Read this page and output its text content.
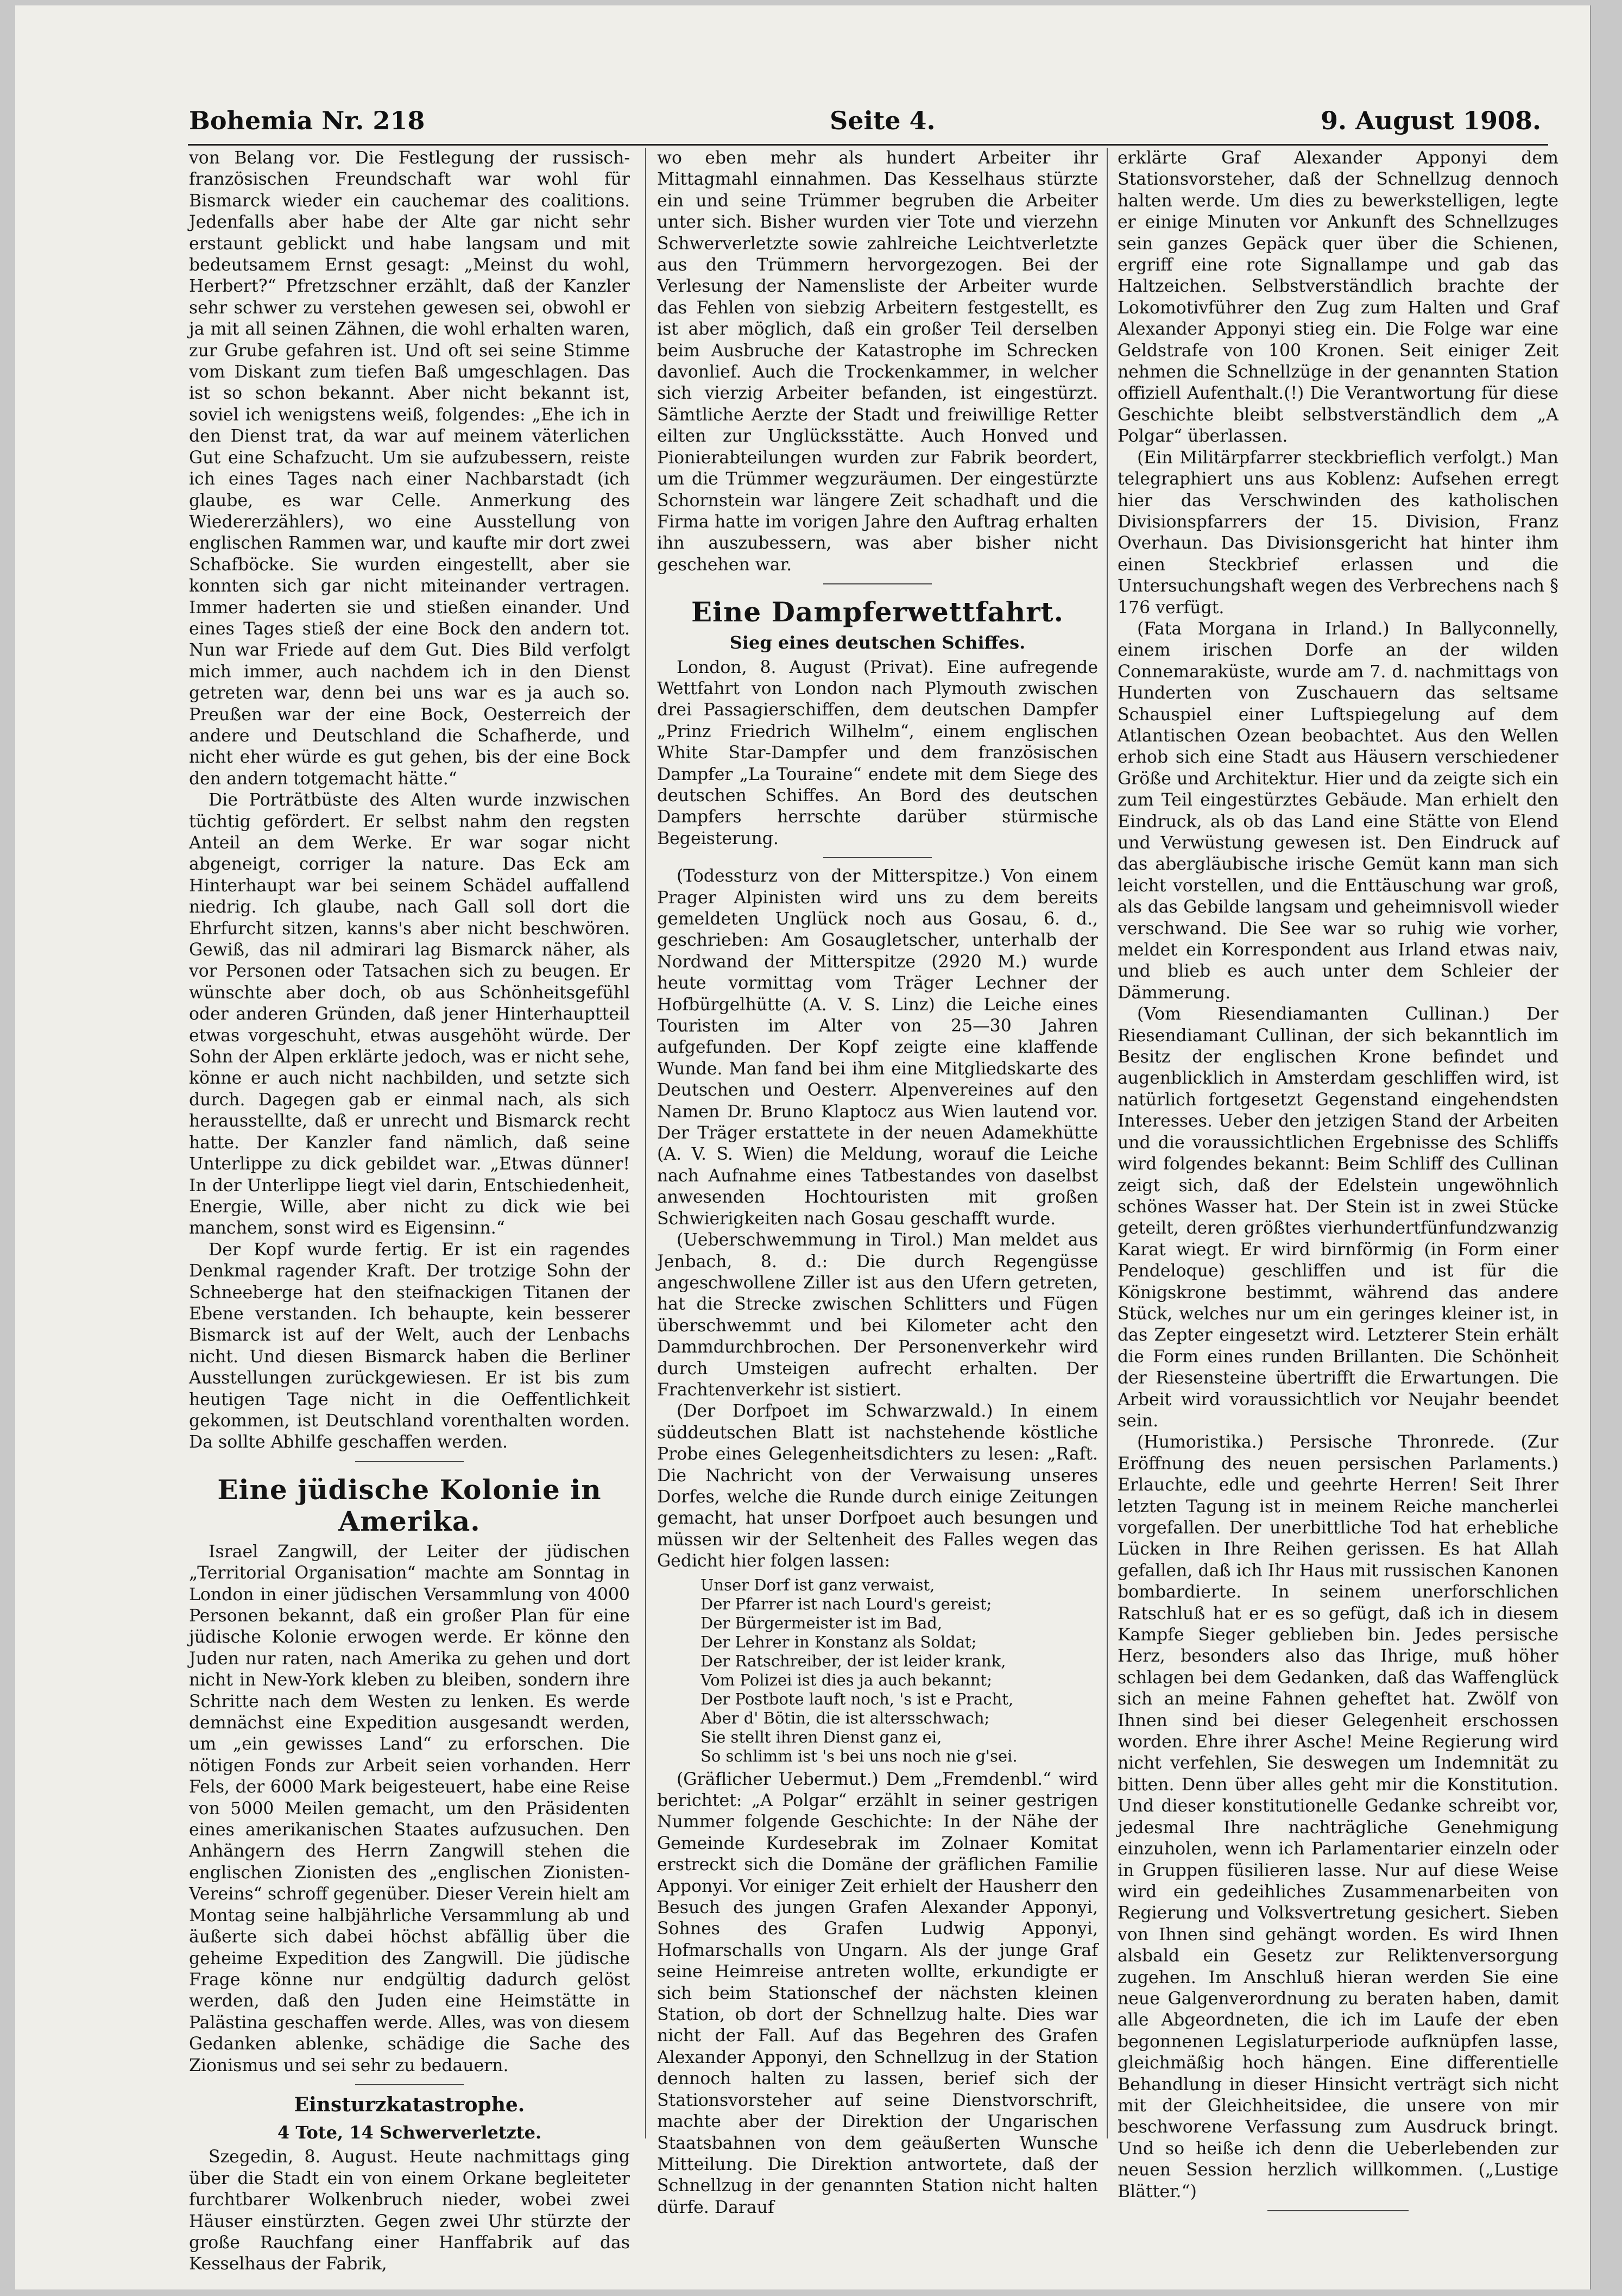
Bohemia Nr. 218	Seite 4.	9. August 1908.

von Belang vor. Die Festlegung der russisch-französischen Freundschaft war wohl für Bismarck wieder ein cauchemar des coalitions. Jedenfalls aber habe der Alte gar nicht sehr erstaunt geblickt und habe langsam und mit bedeutsamem Ernst gesagt: „Meinst du wohl, Herbert?“ Pfretzschner erzählt, daß der Kanzler sehr schwer zu verstehen gewesen sei, obwohl er ja mit all seinen Zähnen, die wohl erhalten waren, zur Grube gefahren ist. Und oft sei seine Stimme vom Diskant zum tiefen Baß umgeschlagen. Das ist so schon bekannt. Aber nicht bekannt ist, soviel ich wenigstens weiß, folgendes: „Ehe ich in den Dienst trat, da war auf meinem väterlichen Gut eine Schafzucht. Um sie aufzubessern, reiste ich eines Tages nach einer Nachbarstadt (ich glaube, es war Celle. Anmerkung des Wiedererzählers), wo eine Ausstellung von englischen Rammen war, und kaufte mir dort zwei Schafböcke. Sie wurden eingestellt, aber sie konnten sich gar nicht miteinander vertragen. Immer haderten sie und stießen einander. Und eines Tages stieß der eine Bock den andern tot. Nun war Friede auf dem Gut. Dies Bild verfolgt mich immer, auch nachdem ich in den Dienst getreten war, denn bei uns war es ja auch so. Preußen war der eine Bock, Oesterreich der andere und Deutschland die Schafherde, und nicht eher würde es gut gehen, bis der eine Bock den andern totgemacht hätte.“

Die Porträtbüste des Alten wurde inzwischen tüchtig gefördert. Er selbst nahm den regsten Anteil an dem Werke. Er war sogar nicht abgeneigt, corriger la nature. Das Eck am Hinterhaupt war bei seinem Schädel auffallend niedrig. Ich glaube, nach Gall soll dort die Ehrfurcht sitzen, kanns's aber nicht beschwören. Gewiß, das nil admirari lag Bismarck näher, als vor Personen oder Tatsachen sich zu beugen. Er wünschte aber doch, ob aus Schönheitsgefühl oder anderen Gründen, daß jener Hinterhauptteil etwas vorgeschuht, etwas ausgehöht würde. Der Sohn der Alpen erklärte jedoch, was er nicht sehe, könne er auch nicht nachbilden, und setzte sich durch. Dagegen gab er einmal nach, als sich herausstellte, daß er unrecht und Bismarck recht hatte. Der Kanzler fand nämlich, daß seine Unterlippe zu dick gebildet war. „Etwas dünner! In der Unterlippe liegt viel darin, Entschiedenheit, Energie, Wille, aber nicht zu dick wie bei manchem, sonst wird es Eigensinn.“

Der Kopf wurde fertig. Er ist ein ragendes Denkmal ragender Kraft. Der trotzige Sohn der Schneeberge hat den steifnackigen Titanen der Ebene verstanden. Ich behaupte, kein besserer Bismarck ist auf der Welt, auch der Lenbachs nicht. Und diesen Bismarck haben die Berliner Ausstellungen zurückgewiesen. Er ist bis zum heutigen Tage nicht in die Oeffentlichkeit gekommen, ist Deutschland vorenthalten worden. Da sollte Abhilfe geschaffen werden.

Eine jüdische Kolonie in Amerika.

Israel Zangwill, der Leiter der jüdischen „Territorial Organisation“ machte am Sonntag in London in einer jüdischen Versammlung von 4000 Personen bekannt, daß ein großer Plan für eine jüdische Kolonie erwogen werde. Er könne den Juden nur raten, nach Amerika zu gehen und dort nicht in New-York kleben zu bleiben, sondern ihre Schritte nach dem Westen zu lenken. Es werde demnächst eine Expedition ausgesandt werden, um „ein gewisses Land“ zu erforschen. Die nötigen Fonds zur Arbeit seien vorhanden. Herr Fels, der 6000 Mark beigesteuert, habe eine Reise von 5000 Meilen gemacht, um den Präsidenten eines amerikanischen Staates aufzusuchen. Den Anhängern des Herrn Zangwill stehen die englischen Zionisten des „englischen Zionisten-Vereins“ schroff gegenüber. Dieser Verein hielt am Montag seine halbjährliche Versammlung ab und äußerte sich dabei höchst abfällig über die geheime Expedition des Zangwill. Die jüdische Frage könne nur endgültig dadurch gelöst werden, daß den Juden eine Heimstätte in Palästina geschaffen werde. Alles, was von diesem Gedanken ablenke, schädige die Sache des Zionismus und sei sehr zu bedauern.

Einsturzkatastrophe.
4 Tote, 14 Schwerverletzte.

Szegedin, 8. August. Heute nachmittags ging über die Stadt ein von einem Orkane begleiteter furchtbarer Wolkenbruch nieder, wobei zwei Häuser einstürzten. Gegen zwei Uhr stürzte der große Rauchfang einer Hanffabrik auf das Kesselhaus der Fabrik,

wo eben mehr als hundert Arbeiter ihr Mittagmahl einnahmen. Das Kesselhaus stürzte ein und seine Trümmer begruben die Arbeiter unter sich. Bisher wurden vier Tote und vierzehn Schwerverletzte sowie zahlreiche Leichtverletzte aus den Trümmern hervorgezogen. Bei der Verlesung der Namensliste der Arbeiter wurde das Fehlen von siebzig Arbeitern festgestellt, es ist aber möglich, daß ein großer Teil derselben beim Ausbruche der Katastrophe im Schrecken davonlief. Auch die Trockenkammer, in welcher sich vierzig Arbeiter befanden, ist eingestürzt. Sämtliche Aerzte der Stadt und freiwillige Retter eilten zur Unglücksstätte. Auch Honved und Pionierabteilungen wurden zur Fabrik beordert, um die Trümmer wegzuräumen. Der eingestürzte Schornstein war längere Zeit schadhaft und die Firma hatte im vorigen Jahre den Auftrag erhalten ihn auszubessern, was aber bisher nicht geschehen war.

Eine Dampferwettfahrt.
Sieg eines deutschen Schiffes.

London, 8. August (Privat). Eine aufregende Wettfahrt von London nach Plymouth zwischen drei Passagierschiffen, dem deutschen Dampfer „Prinz Friedrich Wilhelm“, einem englischen White Star-Dampfer und dem französischen Dampfer „La Touraine“ endete mit dem Siege des deutschen Schiffes. An Bord des deutschen Dampfers herrschte darüber stürmische Begeisterung.

(Todessturz von der Mitterspitze.) Von einem Prager Alpinisten wird uns zu dem bereits gemeldeten Unglück noch aus Gosau, 6. d., geschrieben: Am Gosaugletscher, unterhalb der Nordwand der Mitterspitze (2920 M.) wurde heute vormittag vom Träger Lechner der Hofbürgelhütte (A. V. S. Linz) die Leiche eines Touristen im Alter von 25—30 Jahren aufgefunden. Der Kopf zeigte eine klaffende Wunde. Man fand bei ihm eine Mitgliedskarte des Deutschen und Oesterr. Alpenvereines auf den Namen Dr. Bruno Klaptocz aus Wien lautend vor. Der Träger erstattete in der neuen Adamekhütte (A. V. S. Wien) die Meldung, worauf die Leiche nach Aufnahme eines Tatbestandes von daselbst anwesenden Hochtouristen mit großen Schwierigkeiten nach Gosau geschafft wurde.

(Ueberschwemmung in Tirol.) Man meldet aus Jenbach, 8. d.: Die durch Regengüsse angeschwollene Ziller ist aus den Ufern getreten, hat die Strecke zwischen Schlitters und Fügen überschwemmt und bei Kilometer acht den Dammdurchbrochen. Der Personenverkehr wird durch Umsteigen aufrecht erhalten. Der Frachtenverkehr ist sistiert.

(Der Dorfpoet im Schwarzwald.) In einem süddeutschen Blatt ist nachstehende köstliche Probe eines Gelegenheitsdichters zu lesen: „Raft. Die Nachricht von der Verwaisung unseres Dorfes, welche die Runde durch einige Zeitungen gemacht, hat unser Dorfpoet auch besungen und müssen wir der Seltenheit des Falles wegen das Gedicht hier folgen lassen:

Unser Dorf ist ganz verwaist,
Der Pfarrer ist nach Lourd's gereist;
Der Bürgermeister ist im Bad,
Der Lehrer in Konstanz als Soldat;
Der Ratschreiber, der ist leider krank,
Vom Polizei ist dies ja auch bekannt;
Der Postbote lauft noch, 's ist e Pracht,
Aber d' Bötin, die ist altersschwach;
Sie stellt ihren Dienst ganz ei,
So schlimm ist 's bei uns noch nie g'sei.

(Gräflicher Uebermut.) Dem „Fremdenbl.“ wird berichtet: „A Polgar“ erzählt in seiner gestrigen Nummer folgende Geschichte: In der Nähe der Gemeinde Kurdesebrak im Zolnaer Komitat erstreckt sich die Domäne der gräflichen Familie Apponyi. Vor einiger Zeit erhielt der Hausherr den Besuch des jungen Grafen Alexander Apponyi, Sohnes des Grafen Ludwig Apponyi, Hofmarschalls von Ungarn. Als der junge Graf seine Heimreise antreten wollte, erkundigte er sich beim Stationschef der nächsten kleinen Station, ob dort der Schnellzug halte. Dies war nicht der Fall. Auf das Begehren des Grafen Alexander Apponyi, den Schnellzug in der Station dennoch halten zu lassen, berief sich der Stationsvorsteher auf seine Dienstvorschrift, machte aber der Direktion der Ungarischen Staatsbahnen von dem geäußerten Wunsche Mitteilung. Die Direktion antwortete, daß der Schnellzug in der genannten Station nicht halten dürfe. Darauf

erklärte Graf Alexander Apponyi dem Stationsvorsteher, daß der Schnellzug dennoch halten werde. Um dies zu bewerkstelligen, legte er einige Minuten vor Ankunft des Schnellzuges sein ganzes Gepäck quer über die Schienen, ergriff eine rote Signallampe und gab das Haltzeichen. Selbstverständlich brachte der Lokomotivführer den Zug zum Halten und Graf Alexander Apponyi stieg ein. Die Folge war eine Geldstrafe von 100 Kronen. Seit einiger Zeit nehmen die Schnellzüge in der genannten Station offiziell Aufenthalt.(!) Die Verantwortung für diese Geschichte bleibt selbstverständlich dem „A Polgar“ überlassen.

(Ein Militärpfarrer steckbrieflich verfolgt.) Man telegraphiert uns aus Koblenz: Aufsehen erregt hier das Verschwinden des katholischen Divisionspfarrers der 15. Division, Franz Overhaun. Das Divisionsgericht hat hinter ihm einen Steckbrief erlassen und die Untersuchungshaft wegen des Verbrechens nach § 176 verfügt.

(Fata Morgana in Irland.) In Ballyconnelly, einem irischen Dorfe an der wilden Connemaraküste, wurde am 7. d. nachmittags von Hunderten von Zuschauern das seltsame Schauspiel einer Luftspiegelung auf dem Atlantischen Ozean beobachtet. Aus den Wellen erhob sich eine Stadt aus Häusern verschiedener Größe und Architektur. Hier und da zeigte sich ein zum Teil eingestürztes Gebäude. Man erhielt den Eindruck, als ob das Land eine Stätte von Elend und Verwüstung gewesen ist. Den Eindruck auf das abergläubische irische Gemüt kann man sich leicht vorstellen, und die Enttäuschung war groß, als das Gebilde langsam und geheimnisvoll wieder verschwand. Die See war so ruhig wie vorher, meldet ein Korrespondent aus Irland etwas naiv, und blieb es auch unter dem Schleier der Dämmerung.

(Vom Riesendiamanten Cullinan.) Der Riesendiamant Cullinan, der sich bekanntlich im Besitz der englischen Krone befindet und augenblicklich in Amsterdam geschliffen wird, ist natürlich fortgesetzt Gegenstand eingehendsten Interesses. Ueber den jetzigen Stand der Arbeiten und die voraussichtlichen Ergebnisse des Schliffs wird folgendes bekannt: Beim Schliff des Cullinan zeigt sich, daß der Edelstein ungewöhnlich schönes Wasser hat. Der Stein ist in zwei Stücke geteilt, deren größtes vierhundertfünfundzwanzig Karat wiegt. Er wird birnförmig (in Form einer Pendeloque) geschliffen und ist für die Königskrone bestimmt, während das andere Stück, welches nur um ein geringes kleiner ist, in das Zepter eingesetzt wird. Letzterer Stein erhält die Form eines runden Brillanten. Die Schönheit der Riesensteine übertrifft die Erwartungen. Die Arbeit wird voraussichtlich vor Neujahr beendet sein.

(Humoristika.) Persische Thronrede. (Zur Eröffnung des neuen persischen Parlaments.) Erlauchte, edle und geehrte Herren! Seit Ihrer letzten Tagung ist in meinem Reiche mancherlei vorgefallen. Der unerbittliche Tod hat erhebliche Lücken in Ihre Reihen gerissen. Es hat Allah gefallen, daß ich Ihr Haus mit russischen Kanonen bombardierte. In seinem unerforschlichen Ratschluß hat er es so gefügt, daß ich in diesem Kampfe Sieger geblieben bin. Jedes persische Herz, besonders also das Ihrige, muß höher schlagen bei dem Gedanken, daß das Waffenglück sich an meine Fahnen geheftet hat. Zwölf von Ihnen sind bei dieser Gelegenheit erschossen worden. Ehre ihrer Asche! Meine Regierung wird nicht verfehlen, Sie deswegen um Indemnität zu bitten. Denn über alles geht mir die Konstitution. Und dieser konstitutionelle Gedanke schreibt vor, jedesmal Ihre nachträgliche Genehmigung einzuholen, wenn ich Parlamentarier einzeln oder in Gruppen füsilieren lasse. Nur auf diese Weise wird ein gedeihliches Zusammenarbeiten von Regierung und Volksvertretung gesichert. Sieben von Ihnen sind gehängt worden. Es wird Ihnen alsbald ein Gesetz zur Reliktenversorgung zugehen. Im Anschluß hieran werden Sie eine neue Galgenverordnung zu beraten haben, damit alle Abgeordneten, die ich im Laufe der eben begonnenen Legislaturperiode aufknüpfen lasse, gleichmäßig hoch hängen. Eine differentielle Behandlung in dieser Hinsicht verträgt sich nicht mit der Gleichheitsidee, die unsere von mir beschworene Verfassung zum Ausdruck bringt. Und so heiße ich denn die Ueberlebenden zur neuen Session herzlich willkommen. („Lustige Blätter.“)
